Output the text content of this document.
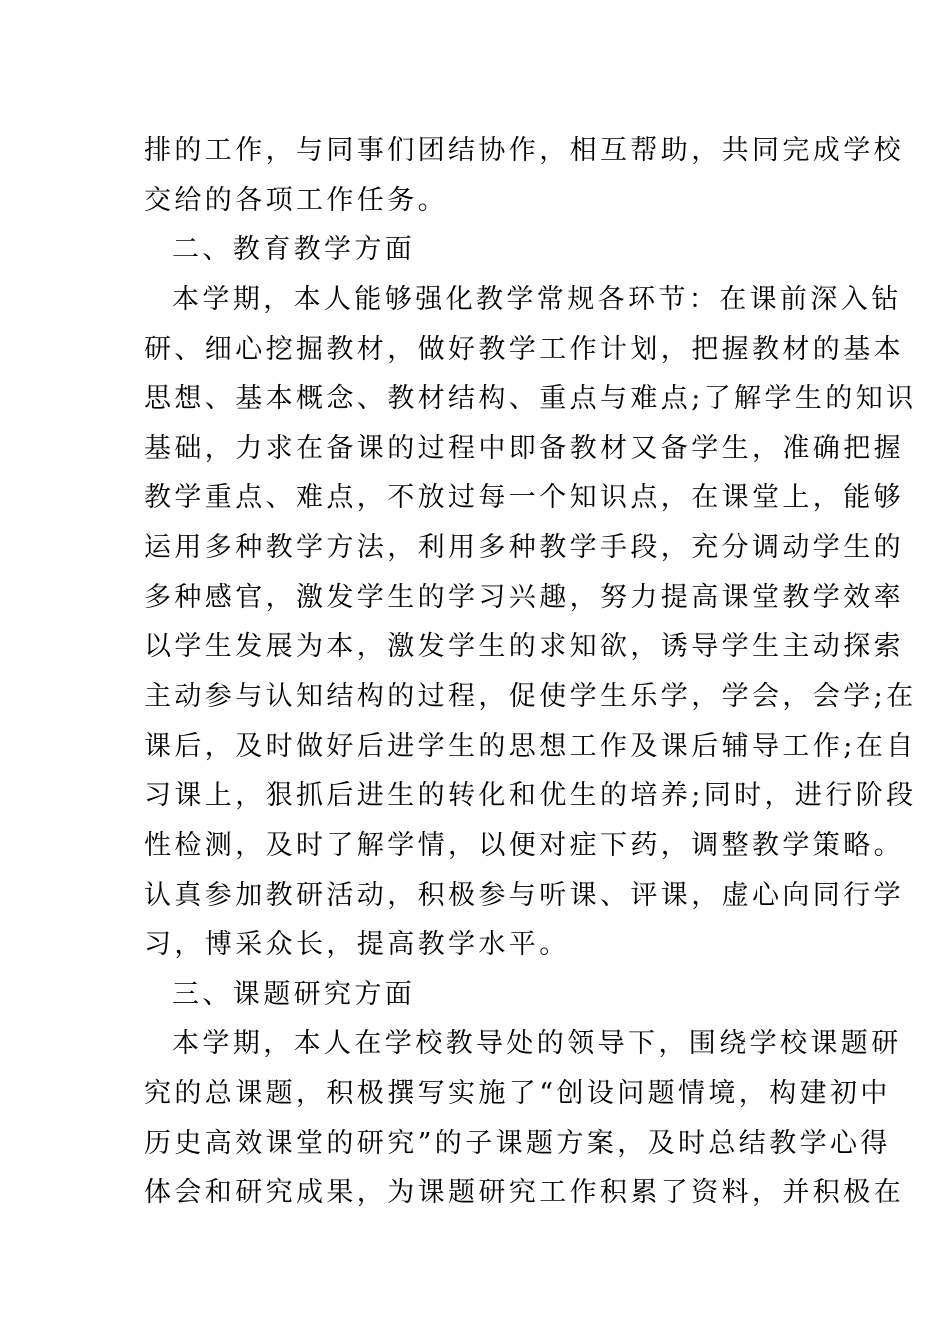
排的工作，与同事们团结协作，相互帮助，共同完成学校
交给的各项工作任务。
二、教育教学方面
本学期，本人能够强化教学常规各环节：在课前深入钻
研、细心挖掘教材，做好教学工作计划，把握教材的基本
思想、基本概念、教材结构、重点与难点;了解学生的知识
基础，力求在备课的过程中即备教材又备学生，准确把握
教学重点、难点，不放过每一个知识点，在课堂上，能够
运用多种教学方法，利用多种教学手段，充分调动学生的
多种感官，激发学生的学习兴趣，努力提高课堂教学效率
以学生发展为本，激发学生的求知欲，诱导学生主动探索
主动参与认知结构的过程，促使学生乐学，学会，会学;在
课后，及时做好后进学生的思想工作及课后辅导工作;在自
习课上，狠抓后进生的转化和优生的培养;同时，进行阶段
性检测，及时了解学情，以便对症下药，调整教学策略。
认真参加教研活动，积极参与听课、评课，虚心向同行学
习，博采众长，提高教学水平。
三、课题研究方面
本学期，本人在学校教导处的领导下，围绕学校课题研
究的总课题，积极撰写实施了“创设问题情境，构建初中
历史高效课堂的研究”的子课题方案，及时总结教学心得
体会和研究成果，为课题研究工作积累了资料，并积极在
